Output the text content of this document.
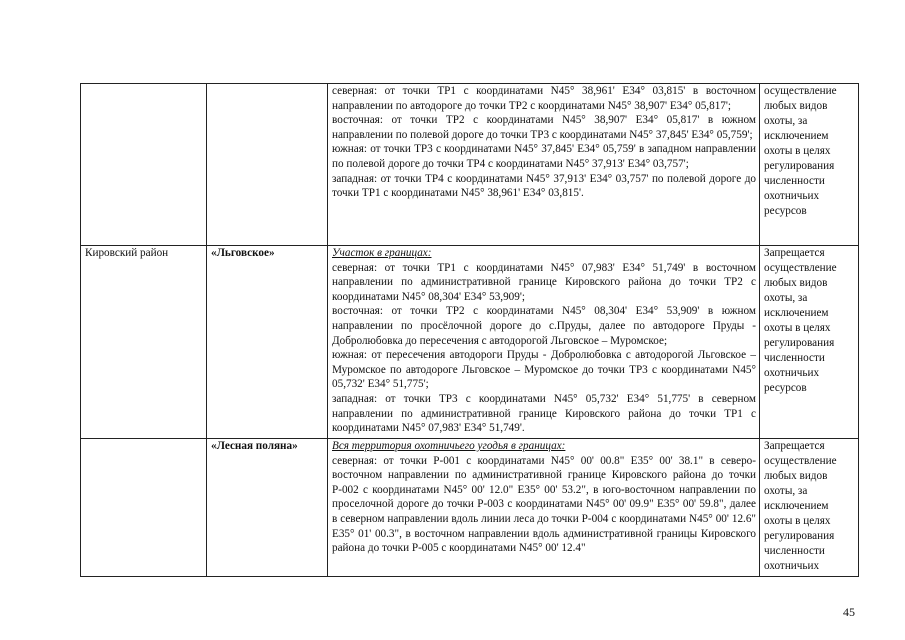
		северная: от точки ТР1 с координатами N45° 38,961' E34° 03,815' в восточном направлении по автодороге до точки ТР2 с координатами N45° 38,907' E34° 05,817';
восточная: от точки ТР2 с координатами N45° 38,907' E34° 05,817' в южном направлении по полевой дороге до точки ТР3 с координатами N45° 37,845' E34° 05,759';
южная: от точки ТР3 с координатами N45° 37,845' E34° 05,759' в западном направлении по полевой дороге до точки ТР4 с координатами N45° 37,913' E34° 03,757';
западная: от точки ТР4 с координатами N45° 37,913' E34° 03,757' по полевой дороге до точки ТР1 с координатами N45° 38,961' E34° 03,815'.	осуществление любых видов охоты, за исключением охоты в целях регулирования численности охотничьих ресурсов
Кировский район	«Льговское»	Участок в границах:
северная: от точки ТР1 с координатами N45° 07,983' E34° 51,749' в восточном направлении по административной границе Кировского района до точки ТР2 с координатами N45° 08,304' E34° 53,909';
восточная: от точки ТР2 с координатами N45° 08,304' E34° 53,909' в южном направлении по просёлочной дороге до с.Пруды, далее по автодороге Пруды - Добролюбовка до пересечения с автодорогой Льговское – Муромское;
южная: от пересечения автодороги Пруды - Добролюбовка с автодорогой Льговское – Муромское по автодороге Льговское – Муромское до точки ТР3 с координатами N45° 05,732' E34° 51,775';
западная: от точки ТР3 с координатами N45° 05,732' E34° 51,775' в северном направлении по административной границе Кировского района до точки ТР1 с координатами N45° 07,983' E34° 51,749'.	Запрещается осуществление любых видов охоты, за исключением охоты в целях регулирования численности охотничьих ресурсов
	«Лесная поляна»	Вся территория охотничьего угодья в границах:
северная: от точки Р-001 с координатами N45° 00' 00.8" E35° 00' 38.1" в северо-восточном направлении по административной границе Кировского района до точки Р-002 с координатами N45° 00' 12.0" E35° 00' 53.2", в юго-восточном направлении по проселочной дороге до точки Р-003 с координатами N45° 00' 09.9" E35° 00' 59.8", далее в северном направлении вдоль линии леса до точки Р-004 с координатами N45° 00' 12.6" E35° 01' 00.3", в восточном направлении вдоль административной границы Кировского района до точки Р-005 с координатами N45° 00' 12.4"	Запрещается осуществление любых видов охоты, за исключением охоты в целях регулирования численности охотничьих
45
